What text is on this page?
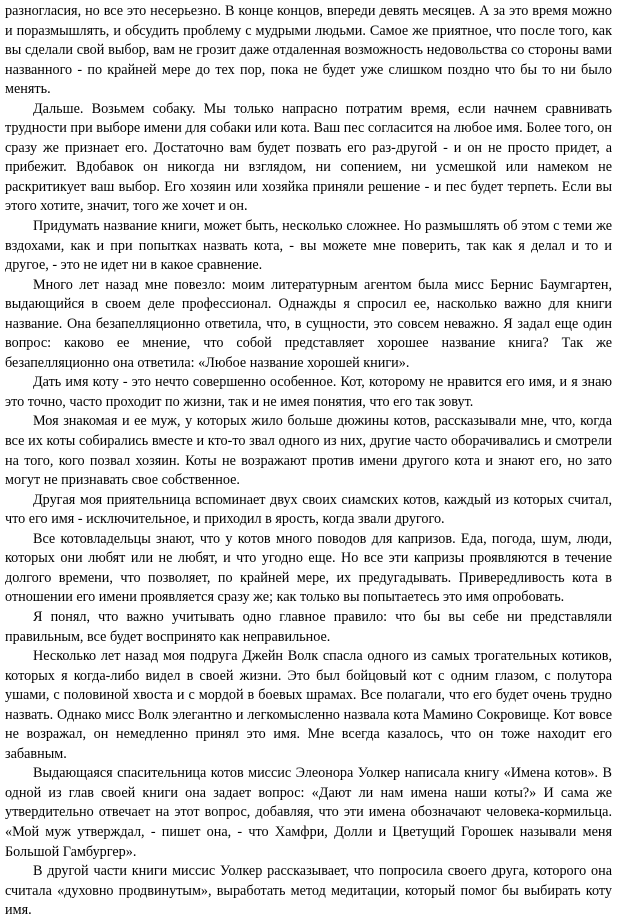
разногласия, но все это несерьезно. В конце концов, впереди девять месяцев. А за это время можно и поразмышлять, и обсудить проблему с мудрыми людьми. Самое же приятное, что после того, как вы сделали свой выбор, вам не грозит даже отдаленная возможность недовольства со стороны вами названного - по крайней мере до тех пор, пока не будет уже слишком поздно что бы то ни было менять.

Дальше. Возьмем собаку. Мы только напрасно потратим время, если начнем сравнивать трудности при выборе имени для собаки или кота. Ваш пес согласится на любое имя. Более того, он сразу же признает его. Достаточно вам будет позвать его раз-другой - и он не просто придет, а прибежит. Вдобавок он никогда ни взглядом, ни сопением, ни усмешкой или намеком не раскритикует ваш выбор. Его хозяин или хозяйка приняли решение - и пес будет терпеть. Если вы этого хотите, значит, того же хочет и он.

Придумать название книги, может быть, несколько сложнее. Но размышлять об этом с теми же вздохами, как и при попытках назвать кота, - вы можете мне поверить, так как я делал и то и другое, - это не идет ни в какое сравнение.

Много лет назад мне повезло: моим литературным агентом была мисс Бернис Баумгартен, выдающийся в своем деле профессионал. Однажды я спросил ее, насколько важно для книги название. Она безапелляционно ответила, что, в сущности, это совсем неважно. Я задал еще один вопрос: каково ее мнение, что собой представляет хорошее название книга? Так же безапелляционно она ответила: «Любое название хорошей книги».

Дать имя коту - это нечто совершенно особенное. Кот, которому не нравится его имя, и я знаю это точно, часто проходит по жизни, так и не имея понятия, что его так зовут.

Моя знакомая и ее муж, у которых жило больше дюжины котов, рассказывали мне, что, когда все их коты собирались вместе и кто-то звал одного из них, другие часто оборачивались и смотрели на того, кого позвал хозяин. Коты не возражают против имени другого кота и знают его, но зато могут не признавать свое собственное.

Другая моя приятельница вспоминает двух своих сиамских котов, каждый из которых считал, что его имя - исключительное, и приходил в ярость, когда звали другого.

Все котовладельцы знают, что у котов много поводов для капризов. Еда, погода, шум, люди, которых они любят или не любят, и что угодно еще. Но все эти капризы проявляются в течение долгого времени, что позволяет, по крайней мере, их предугадывать. Привередливость кота в отношении его имени проявляется сразу же; как только вы попытаетесь это имя опробовать.

Я понял, что важно учитывать одно главное правило: что бы вы себе ни представляли правильным, все будет воспринято как неправильное.

Несколько лет назад моя подруга Джейн Волк спасла одного из самых трогательных котиков, которых я когда-либо видел в своей жизни. Это был бойцовый кот с одним глазом, с полутора ушами, с половиной хвоста и с мордой в боевых шрамах. Все полагали, что его будет очень трудно назвать. Однако мисс Волк элегантно и легкомысленно назвала кота Мамино Сокровище. Кот вовсе не возражал, он немедленно принял это имя. Мне всегда казалось, что он тоже находит его забавным.

Выдающаяся спасительница котов миссис Элеонора Уолкер написала книгу «Имена котов». В одной из глав своей книги она задает вопрос: «Дают ли нам имена наши коты?» И сама же утвердительно отвечает на этот вопрос, добавляя, что эти имена обозначают человека-кормильца. «Мой муж утверждал, - пишет она, - что Хамфри, Долли и Цветущий Горошек называли меня Большой Гамбургер».

В другой части книги миссис Уолкер рассказывает, что попросила своего друга, которого она считала «духовно продвинутым», выработать метод медитации, который помог бы выбирать коту имя.
